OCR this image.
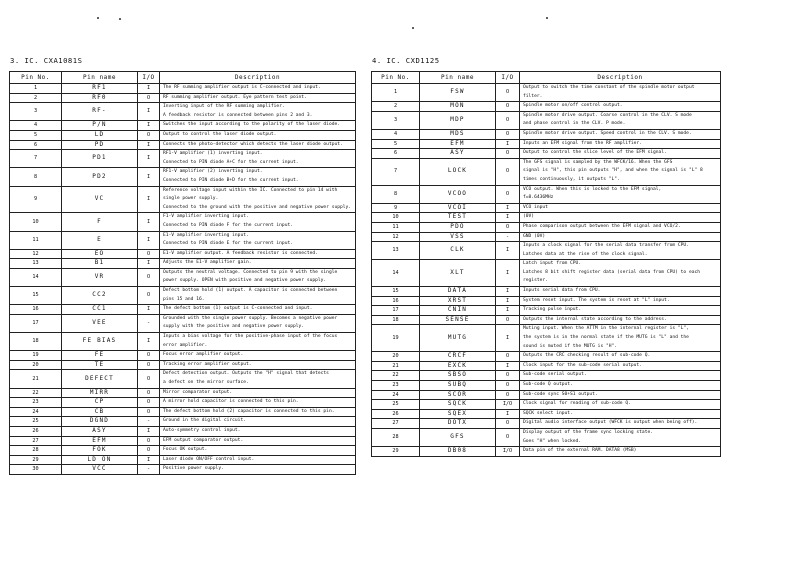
3. IC. CXA1081S
Pin No.	Pin name	I/O	Description
1	RF1	I	The RF summing amplifier output is C-connected and input.

2	RF0	O	RF summing amplifier output. Eye pattern test point.

3	RF-	I	Inverting input of the RF summing amplifier.
A feedback resistor is connected between pins 2 and 3.

4	P/N	I	Switches the input according to the polarity of the laser diode.

5	LD	O	Output to control the laser diode output.

6	PD	I	Connects the photo-detector which detects the laser diode output.

7	PD1	I	RF1-V amplifier (1) inverting input.
Connected to PIN diode A+C for the current input.

8	PD2	I	RF1-V amplifier (2) inverting input.
Connected to PIN diode B+D for the current input.

9	VC	I	Reference voltage input within the IC. Connected to pin 14 with
single power supply.
Connected to the ground with the positive and negative power supply.

10	F	I	F1-V amplifier inverting input.
Connected to PIN diode F for the current input.

11	E	I	E1-V amplifier inverting input.
Connected to PIN diode E for the current input.

12	EO	O	E1-V amplifier output. A feedback resistor is connected.

13	B1	I	Adjusts the E1-V amplifier gain.

14	VR	O	Outputs the neutral voltage. Connected to pin 9 with the single
power supply. OPEN with positive and negative power supply.

15	CC2	O	Defect bottom hold (1) output. A capacitor is connected between
pins 15 and 16.

16	CC1	I	The defect bottom (1) output is C-connected and input.

17	VEE	-	Grounded with the single power supply. Becomes a negative power
supply with the positive and negative power supply.

18	FE BIAS	I	Inputs a bias voltage for the positive-phase input of the focus
error amplifier.

19	FE	O	Focus error amplifier output.

20	TE	O	Tracking error amplifier output.

21	DEFECT	O	Defect detection output. Outputs the "H" signal that detects
a defect on the mirror surface.

22	MIRR	O	Mirror comparator output.

23	CP	O	A mirror hold capacitor is connected to this pin.

24	CB	O	The defect bottom hold (2) capacitor is connected to this pin.

25	DGND	-	Ground in the digital circuit.

26	ASY	I	Auto-symmetry control input.

27	EFM	O	EFM output comparator output.

28	FOK	O	Focus OK output.

29	LD ON	I	Laser diode ON/OFF control input.

30	VCC	-	Positive power supply.
4. IC. CXD1125
Pin No.	Pin name	I/O	Description
1	FSW	O	Output to switch the time constant of the spindle motor output
filter.

2	MON	O	Spindle motor on/off control output.

3	MDP	O	Spindle motor drive output. Coarse control in the CLV. S mode
and phase control in the CLV. P mode.

4	MDS	O	Spindle motor drive output. Speed control in the CLV. S mode.

5	EFM	I	Inputs an EFM signal from the RF amplifier.

6	ASY	O	Output to control the slice level of the EFM signal.

7	LOCK	O	The GFS signal is sampled by the WFCK/16. When the GFS
signal is "H", this pin outputs "H", and when the signal is "L" 8
times continuously, it outputs "L".

8	VCOO	O	VCO output. When this is locked to the EFM signal,
f=8.6436MHz

9	VCOI	I	VCO input

10	TEST	I	(0V)

11	PDO	O	Phase comparison output between the EFM signal and VCO/2.

12	VSS	-	GND (0V)

13	CLK	I	Inputs a clock signal for the serial data transfer from CPU.
Latches data at the rise of the clock signal.

14	XLT	I	Latch input from CPU.
Latches 8 bit shift register data (serial data from CPU) to each
register.

15	DATA	I	Inputs serial data from CPU.

16	XRST	I	System reset input. The system is reset at "L" input.

17	CNIN	I	Tracking pulse input.

18	SENSE	O	Outputs the internal state according to the address.

19	MUTG	I	Muting input. When the ATTM in the internal register is "L",
the system is in the normal state if the MUTG is "L" and the
sound is muted if the MUTG is "H".

20	CRCF	O	Outputs the CRC checking result of sub-code Q.

21	EXCK	I	Clock input for the sub-code serial output.

22	SBSO	O	Sub-code serial output.

23	SUBQ	O	Sub-code Q output.

24	SCOR	O	Sub-code sync S0+S1 output.

25	SQCK	I/O	Clock signal for reading of sub-code Q.

26	SQEX	I	SQCK select input.

27	DOTX	O	Digital audio interface output (WFCK is output when being off).

28	GFS	O	Display output of the frame sync locking state.
Goes "H" when locked.

29	DB08	I/O	Data pin of the external RAM. DATA8 (MSB)
